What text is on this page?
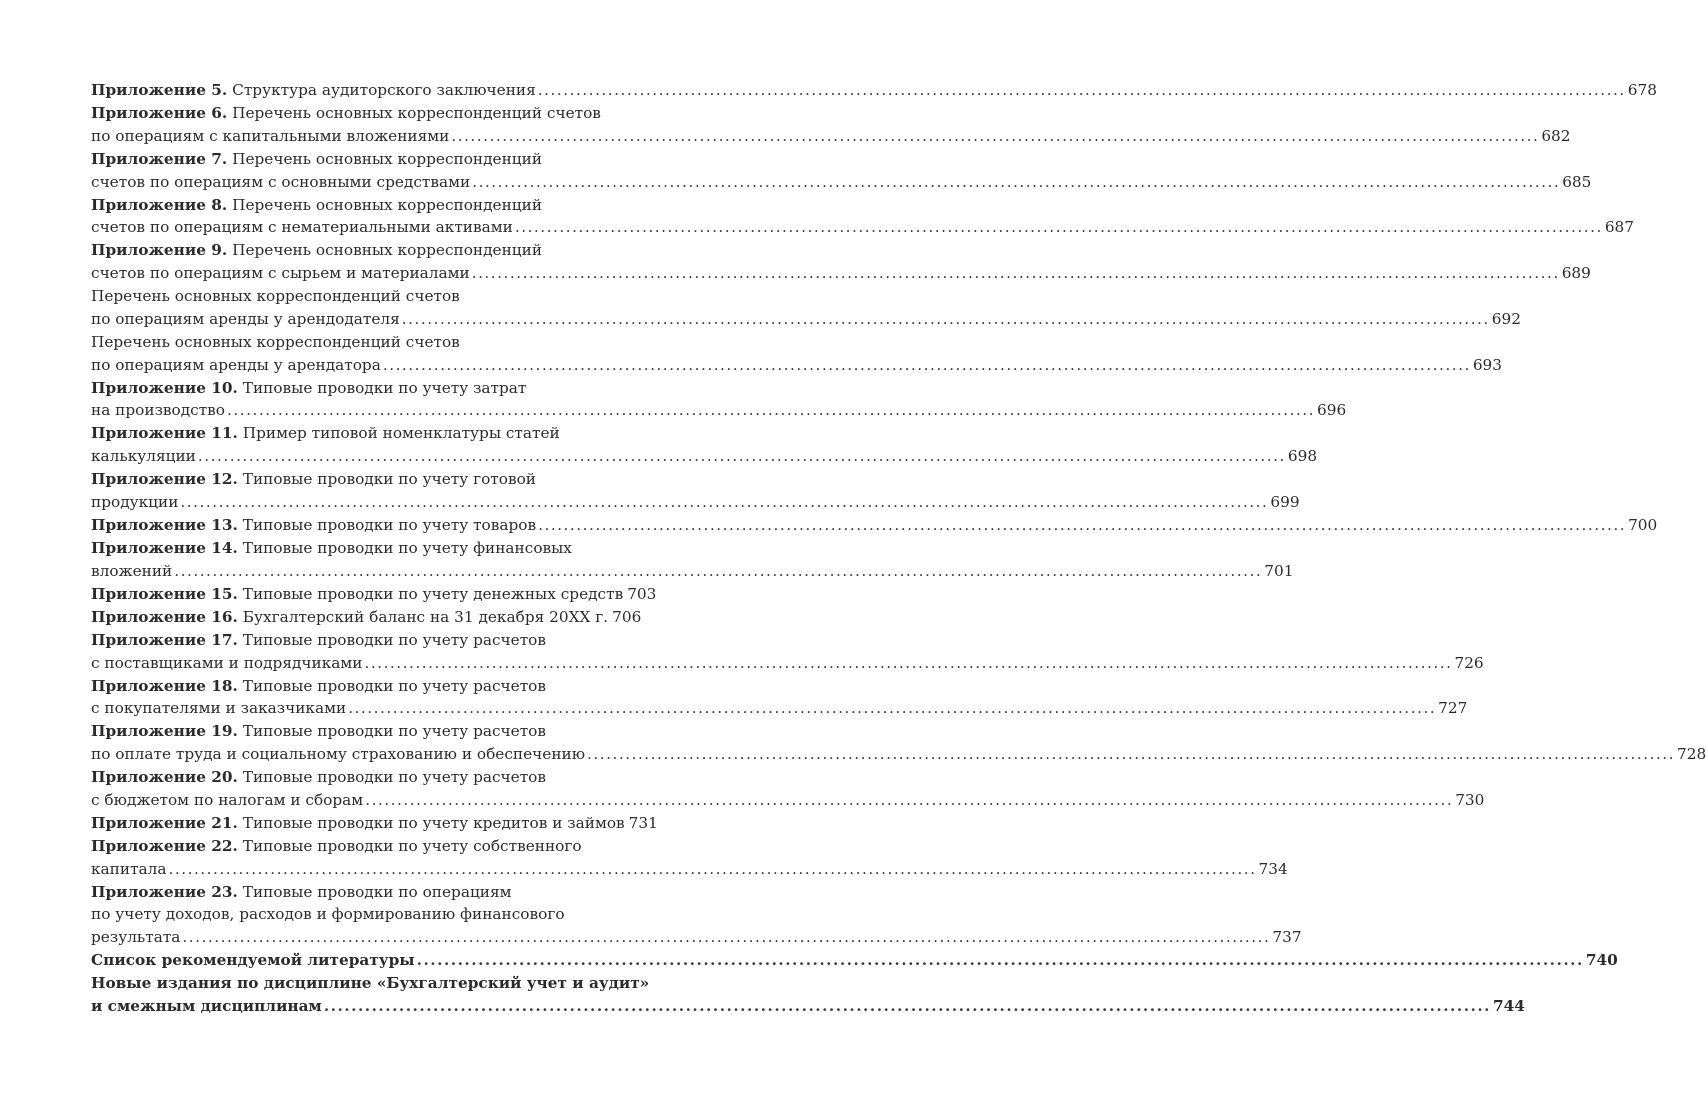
Приложение 5. Структура аудиторского заключения .....	678
Приложение 6. Перечень основных корреспонденций счетов
по операциям с капитальными вложениями .....	682
Приложение 7. Перечень основных корреспонденций
счетов по операциям с основными средствами .....	685
Приложение 8. Перечень основных корреспонденций
счетов по операциям с нематериальными активами .....	687
Приложение 9. Перечень основных корреспонденций
счетов по операциям с сырьем и материалами .....	689
Перечень основных корреспонденций счетов
по операциям аренды у арендодателя .....	692
Перечень основных корреспонденций счетов
по операциям аренды у арендатора .....	693
Приложение 10. Типовые проводки по учету затрат
на производство .....	696
Приложение 11. Пример типовой номенклатуры статей
калькуляции .....	698
Приложение 12. Типовые проводки по учету готовой
продукции .....	699
Приложение 13. Типовые проводки по учету товаров .....	700
Приложение 14. Типовые проводки по учету финансовых
вложений .....	701
Приложение 15. Типовые проводки по учету денежных средств 703
Приложение 16. Бухгалтерский баланс на 31 декабря 20ХХ г. 706
Приложение 17. Типовые проводки по учету расчетов
с поставщиками и подрядчиками .....	726
Приложение 18. Типовые проводки по учету расчетов
с покупателями и заказчиками .....	727
Приложение 19. Типовые проводки по учету расчетов
по оплате труда и социальному страхованию и обеспечению .....	728
Приложение 20. Типовые проводки по учету расчетов
с бюджетом по налогам и сборам .....	730
Приложение 21. Типовые проводки по учету кредитов и займов 731
Приложение 22. Типовые проводки по учету собственного
капитала .....	734
Приложение 23. Типовые проводки по операциям
по учету доходов, расходов и формированию финансового
результата .....	737
Список рекомендуемой литературы .....	740
Новые издания по дисциплине «Бухгалтерский учет и аудит»
и смежным дисциплинам .....	744
